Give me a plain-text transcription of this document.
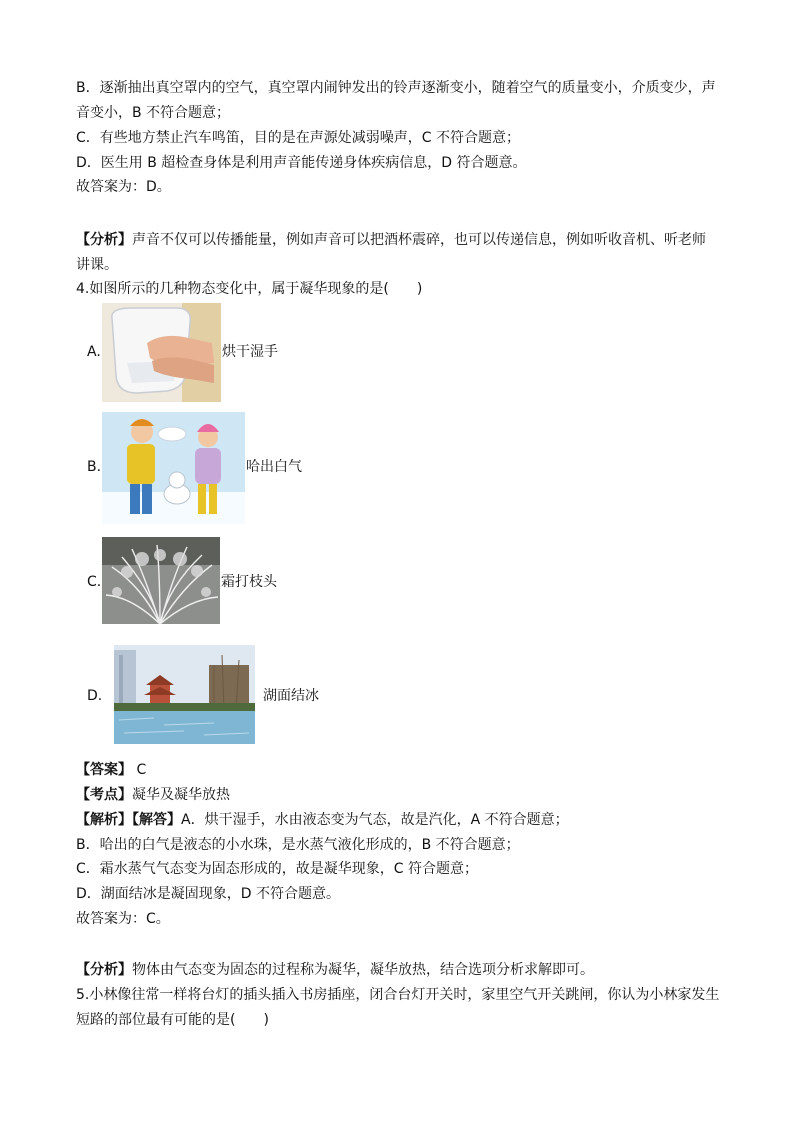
B．逐渐抽出真空罩内的空气，真空罩内闹钟发出的铃声逐渐变小，随着空气的质量变小，介质变少，声
音变小，B 不符合题意；
C．有些地方禁止汽车鸣笛，目的是在声源处减弱噪声，C 不符合题意；
D．医生用 B 超检查身体是利用声音能传递身体疾病信息，D 符合题意。
故答案为：D。
【分析】声音不仅可以传播能量，例如声音可以把酒杯震碎，也可以传递信息，例如听收音机、听老师
讲课。
4.如图所示的几种物态变化中，属于凝华现象的是(　　)
A.	烘干湿手
B.	哈出白气
C.	霜打枝头
D.	湖面结冰
【答案】 C
【考点】凝华及凝华放热
【解析】【解答】A．烘干湿手，水由液态变为气态，故是汽化，A 不符合题意；
B．哈出的白气是液态的小水珠，是水蒸气液化形成的，B 不符合题意；
C．霜水蒸气气态变为固态形成的，故是凝华现象，C 符合题意；
D．湖面结冰是凝固现象，D 不符合题意。
故答案为：C。
【分析】物体由气态变为固态的过程称为凝华，凝华放热，结合选项分析求解即可。
5.小林像往常一样将台灯的插头插入书房插座，闭合台灯开关时，家里空气开关跳闸，你认为小林家发生
短路的部位最有可能的是(　　)
